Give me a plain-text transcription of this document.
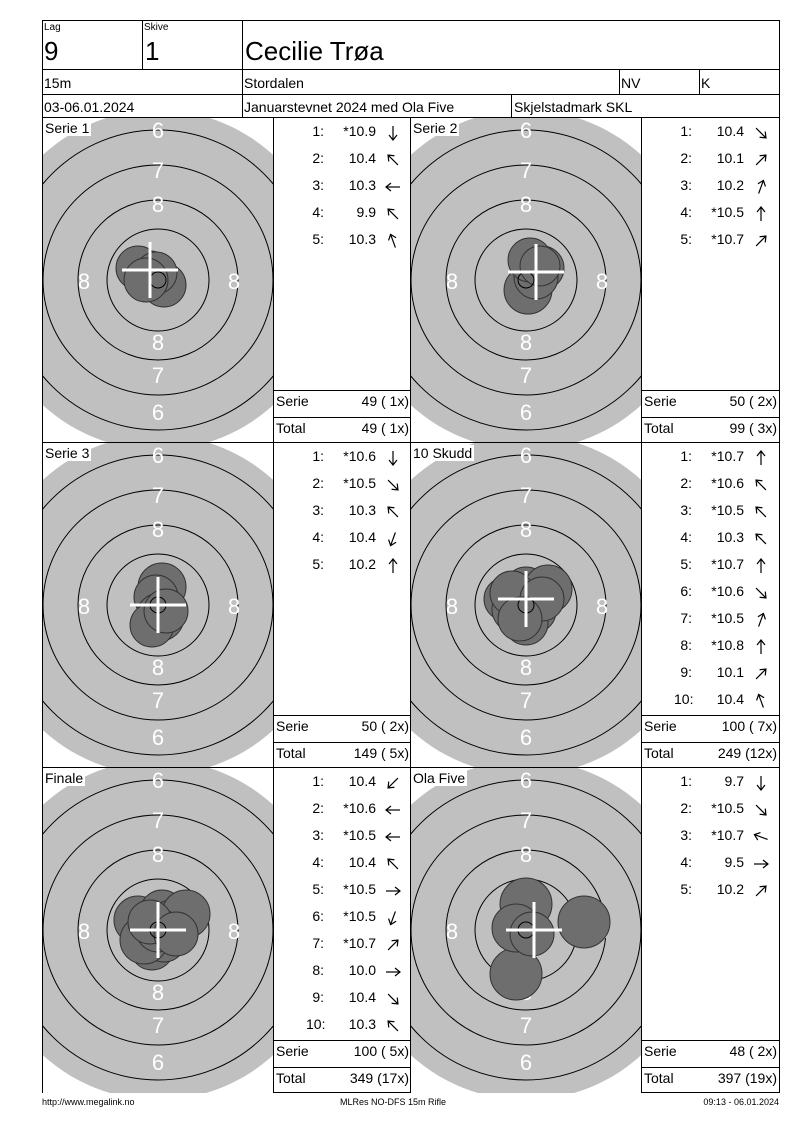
Lag
9
Skive
1	Cecilie Trøa
15m	Stordalen	NV	K
03-06.01.2024	Januarstevnet 2024 med Ola Five	Skjelstadmark SKL
6
7
8
8
7
6
8	8
Serie 1	1:	*10.9
2:	10.4
3:	10.3
4:	9.9
5:	10.3
Serie	49 ( 1x)
Total	49 ( 1x)
6
7
8
8
7
6
8	8
Serie 2	1:	10.4
2:	10.1
3:	10.2
4:	*10.5
5:	*10.7
Serie	50 ( 2x)
Total	99 ( 3x)
6
7
8
8
7
6
8	8
Serie 3	1:	*10.6
2:	*10.5
3:	10.3
4:	10.4
5:	10.2
Serie	50 ( 2x)
Total	149 ( 5x)
6
7
8
8
7
6
8	8
10 Skudd	1:	*10.7
2:	*10.6
3:	*10.5
4:	10.3
5:	*10.7
6:	*10.6
7:	*10.5
8:	*10.8
9:	10.1
10:	10.4
Serie	100 ( 7x)
Total	249 (12x)
6
7
8
8
7
6
8	8
Finale	1:	10.4
2:	*10.6
3:	*10.5
4:	10.4
5:	*10.5
6:	*10.5
7:	*10.7
8:	10.0
9:	10.4
10:	10.3
Serie	100 ( 5x)
Total	349 (17x)
6
7
8
7
6
8
Ola Five	1:	9.7
2:	*10.5
3:	*10.7
4:	9.5
5:	10.2
Serie	48 ( 2x)
Total	397 (19x)
http://www.megalink.no	MLRes NO-DFS 15m Rifle	09:13 - 06.01.2024
